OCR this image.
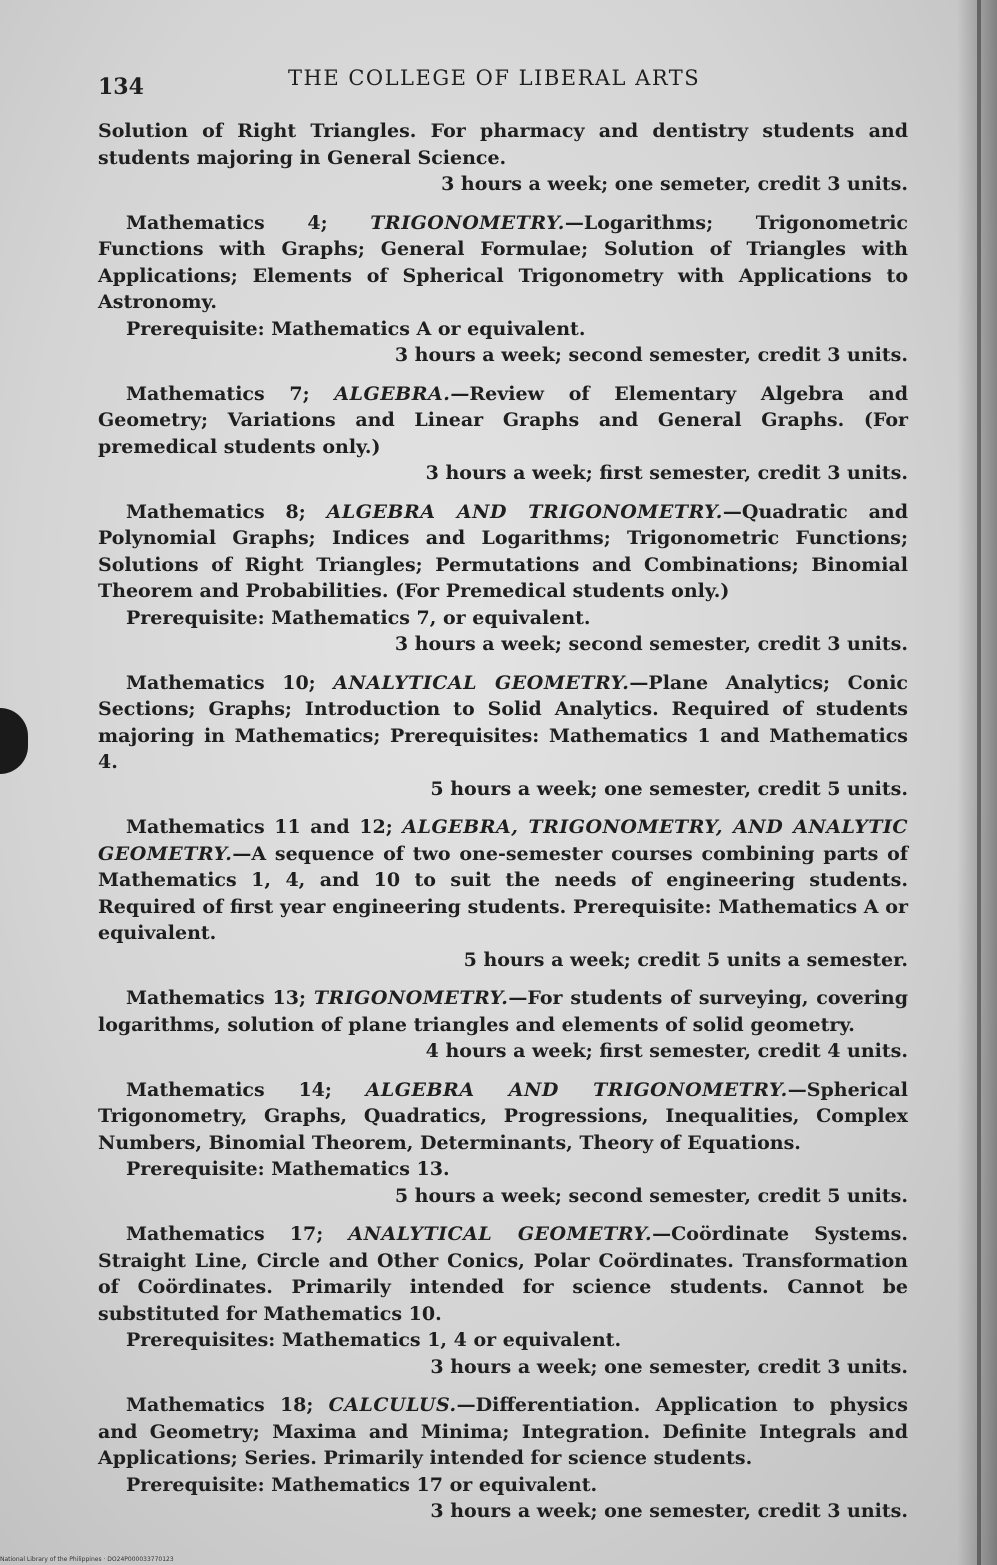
134	THE COLLEGE OF LIBERAL ARTS

Solution of Right Triangles. For pharmacy and dentistry students and students majoring in General Science.

3 hours a week; one semeter, credit 3 units.

Mathematics 4; TRIGONOMETRY.—Logarithms; Trigonometric Functions with Graphs; General Formulae; Solution of Triangles with Applications; Elements of Spherical Trigonometry with Applications to Astronomy.

Prerequisite: Mathematics A or equivalent.

3 hours a week; second semester, credit 3 units.

Mathematics 7; ALGEBRA.—Review of Elementary Algebra and Geometry; Variations and Linear Graphs and General Graphs. (For premedical students only.)

3 hours a week; first semester, credit 3 units.

Mathematics 8; ALGEBRA AND TRIGONOMETRY.—Quadratic and Polynomial Graphs; Indices and Logarithms; Trigonometric Functions; Solutions of Right Triangles; Permutations and Combinations; Binomial Theorem and Probabilities. (For Premedical students only.)

Prerequisite: Mathematics 7, or equivalent.

3 hours a week; second semester, credit 3 units.

Mathematics 10; ANALYTICAL GEOMETRY.—Plane Analytics; Conic Sections; Graphs; Introduction to Solid Analytics. Required of students majoring in Mathematics; Prerequisites: Mathematics 1 and Mathematics 4.

5 hours a week; one semester, credit 5 units.

Mathematics 11 and 12; ALGEBRA, TRIGONOMETRY, AND ANALYTIC GEOMETRY.—A sequence of two one-semester courses combining parts of Mathematics 1, 4, and 10 to suit the needs of engineering students. Required of first year engineering students. Prerequisite: Mathematics A or equivalent.

5 hours a week; credit 5 units a semester.

Mathematics 13; TRIGONOMETRY.—For students of surveying, covering logarithms, solution of plane triangles and elements of solid geometry.

4 hours a week; first semester, credit 4 units.

Mathematics 14; ALGEBRA AND TRIGONOMETRY.—Spherical Trigonometry, Graphs, Quadratics, Progressions, Inequalities, Complex Numbers, Binomial Theorem, Determinants, Theory of Equations.

Prerequisite: Mathematics 13.

5 hours a week; second semester, credit 5 units.

Mathematics 17; ANALYTICAL GEOMETRY.—Coördinate Systems. Straight Line, Circle and Other Conics, Polar Coördinates. Transformation of Coördinates. Primarily intended for science students. Cannot be substituted for Mathematics 10.

Prerequisites: Mathematics 1, 4 or equivalent.

3 hours a week; one semester, credit 3 units.

Mathematics 18; CALCULUS.—Differentiation. Application to physics and Geometry; Maxima and Minima; Integration. Definite Integrals and Applications; Series. Primarily intended for science students.

Prerequisite: Mathematics 17 or equivalent.

3 hours a week; one semester, credit 3 units.

National Library of the Philippines · DO24P000033770123
